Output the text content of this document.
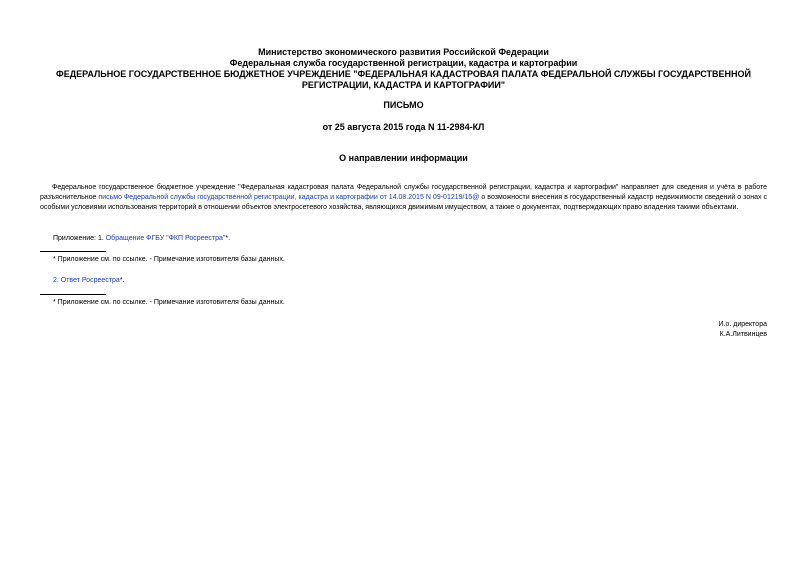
Министерство экономического развития Российской Федерации
Федеральная служба государственной регистрации, кадастра и картографии
ФЕДЕРАЛЬНОЕ ГОСУДАРСТВЕННОЕ БЮДЖЕТНОЕ УЧРЕЖДЕНИЕ "ФЕДЕРАЛЬНАЯ КАДАСТРОВАЯ ПАЛАТА ФЕДЕРАЛЬНОЙ СЛУЖБЫ ГОСУДАРСТВЕННОЙ РЕГИСТРАЦИИ, КАДАСТРА И КАРТОГРАФИИ"
ПИСЬМО
от 25 августа 2015 года N 11-2984-КЛ
О направлении информации
Федеральное государственное бюджетное учреждение "Федеральная кадастровая палата Федеральной службы государственной регистрации, кадастра и картографии" направляет для сведения и учёта в работе разъяснительное письмо Федеральной службы государственной регистрации, кадастра и картографии от 14.08.2015 N 09-01219/15@ о возможности внесения в государственный кадастр недвижимости сведений о зонах с особыми условиями использования территорий в отношении объектов электросетевого хозяйства, являющихся движимым имуществом, а также о документах, подтверждающих право владения такими объектами.
Приложение: 1. Обращение ФГБУ "ФКП Росреестра"*.
* Приложение см. по ссылке. - Примечание изготовителя базы данных.
2. Ответ Росреестра*.
* Приложение см. по ссылке. - Примечание изготовителя базы данных.
И.о. директора
К.А.Литвинцев
